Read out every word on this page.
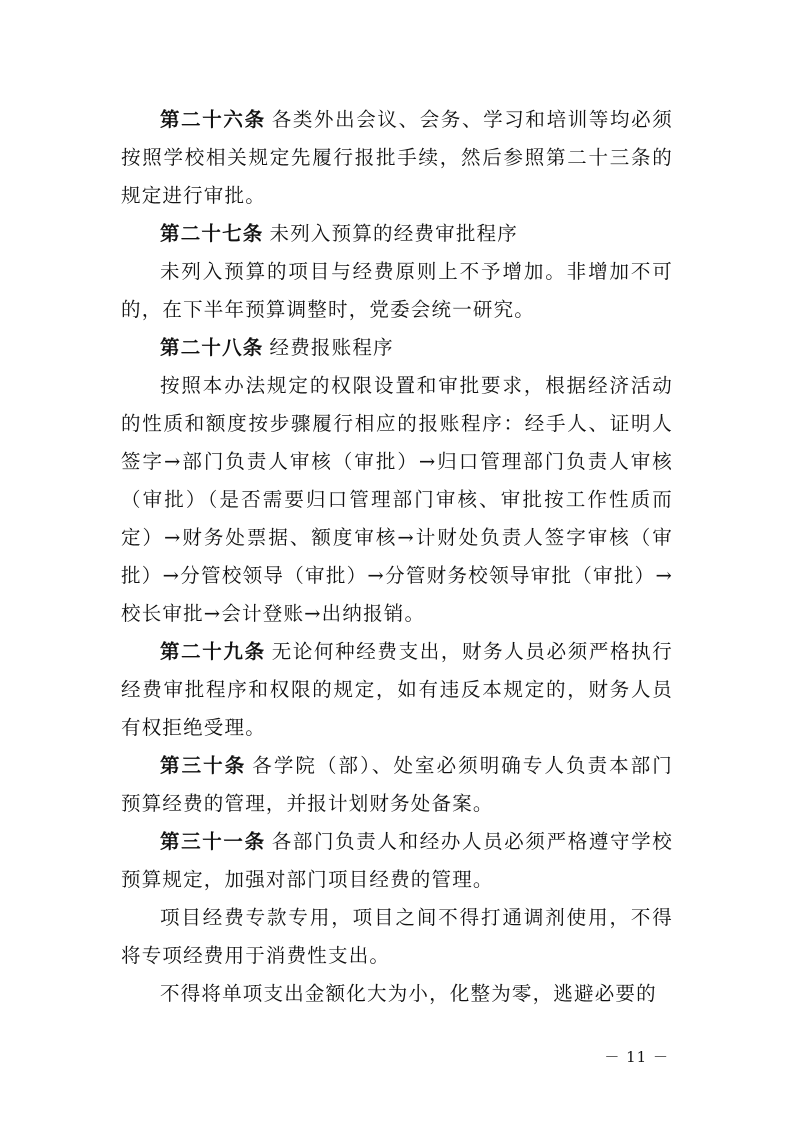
第二十六条 各类外出会议、会务、学习和培训等均必须按照学校相关规定先履行报批手续，然后参照第二十三条的规定进行审批。

第二十七条 未列入预算的经费审批程序

未列入预算的项目与经费原则上不予增加。非增加不可的，在下半年预算调整时，党委会统一研究。

第二十八条 经费报账程序

按照本办法规定的权限设置和审批要求，根据经济活动的性质和额度按步骤履行相应的报账程序：经手人、证明人签字→部门负责人审核（审批）→归口管理部门负责人审核（审批）（是否需要归口管理部门审核、审批按工作性质而定）→财务处票据、额度审核→计财处负责人签字审核（审批）→分管校领导（审批）→分管财务校领导审批（审批）→校长审批→会计登账→出纳报销。

第二十九条 无论何种经费支出，财务人员必须严格执行经费审批程序和权限的规定，如有违反本规定的，财务人员有权拒绝受理。

第三十条 各学院（部）、处室必须明确专人负责本部门预算经费的管理，并报计划财务处备案。

第三十一条 各部门负责人和经办人员必须严格遵守学校预算规定，加强对部门项目经费的管理。

项目经费专款专用，项目之间不得打通调剂使用，不得将专项经费用于消费性支出。

不得将单项支出金额化大为小，化整为零，逃避必要的

－ 11 －
